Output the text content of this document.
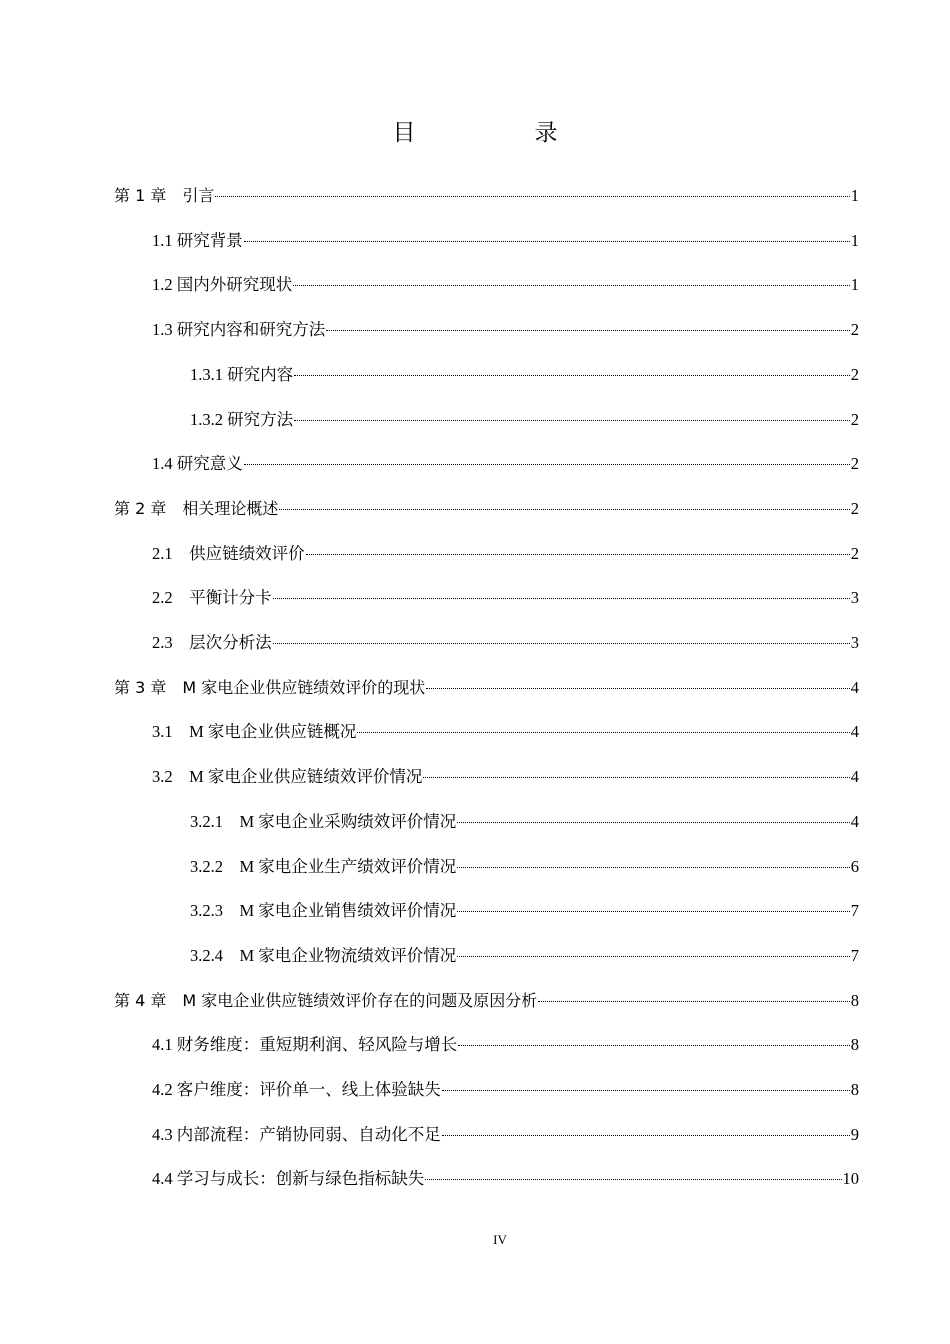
目　录
第 1 章　引言	1
1.1 研究背景	1
1.2 国内外研究现状	1
1.3 研究内容和研究方法	2
1.3.1 研究内容	2
1.3.2 研究方法	2
1.4 研究意义	2
第 2 章　相关理论概述	2
2.1　供应链绩效评价	2
2.2　平衡计分卡	3
2.3　层次分析法	3
第 3 章　M 家电企业供应链绩效评价的现状	4
3.1　M 家电企业供应链概况	4
3.2　M 家电企业供应链绩效评价情况	4
3.2.1　M 家电企业采购绩效评价情况	4
3.2.2　M 家电企业生产绩效评价情况	6
3.2.3　M 家电企业销售绩效评价情况	7
3.2.4　M 家电企业物流绩效评价情况	7
第 4 章　M 家电企业供应链绩效评价存在的问题及原因分析	8
4.1 财务维度：重短期利润、轻风险与增长	8
4.2 客户维度：评价单一、线上体验缺失	8
4.3 内部流程：产销协同弱、自动化不足	9
4.4 学习与成长：创新与绿色指标缺失	10
IV
